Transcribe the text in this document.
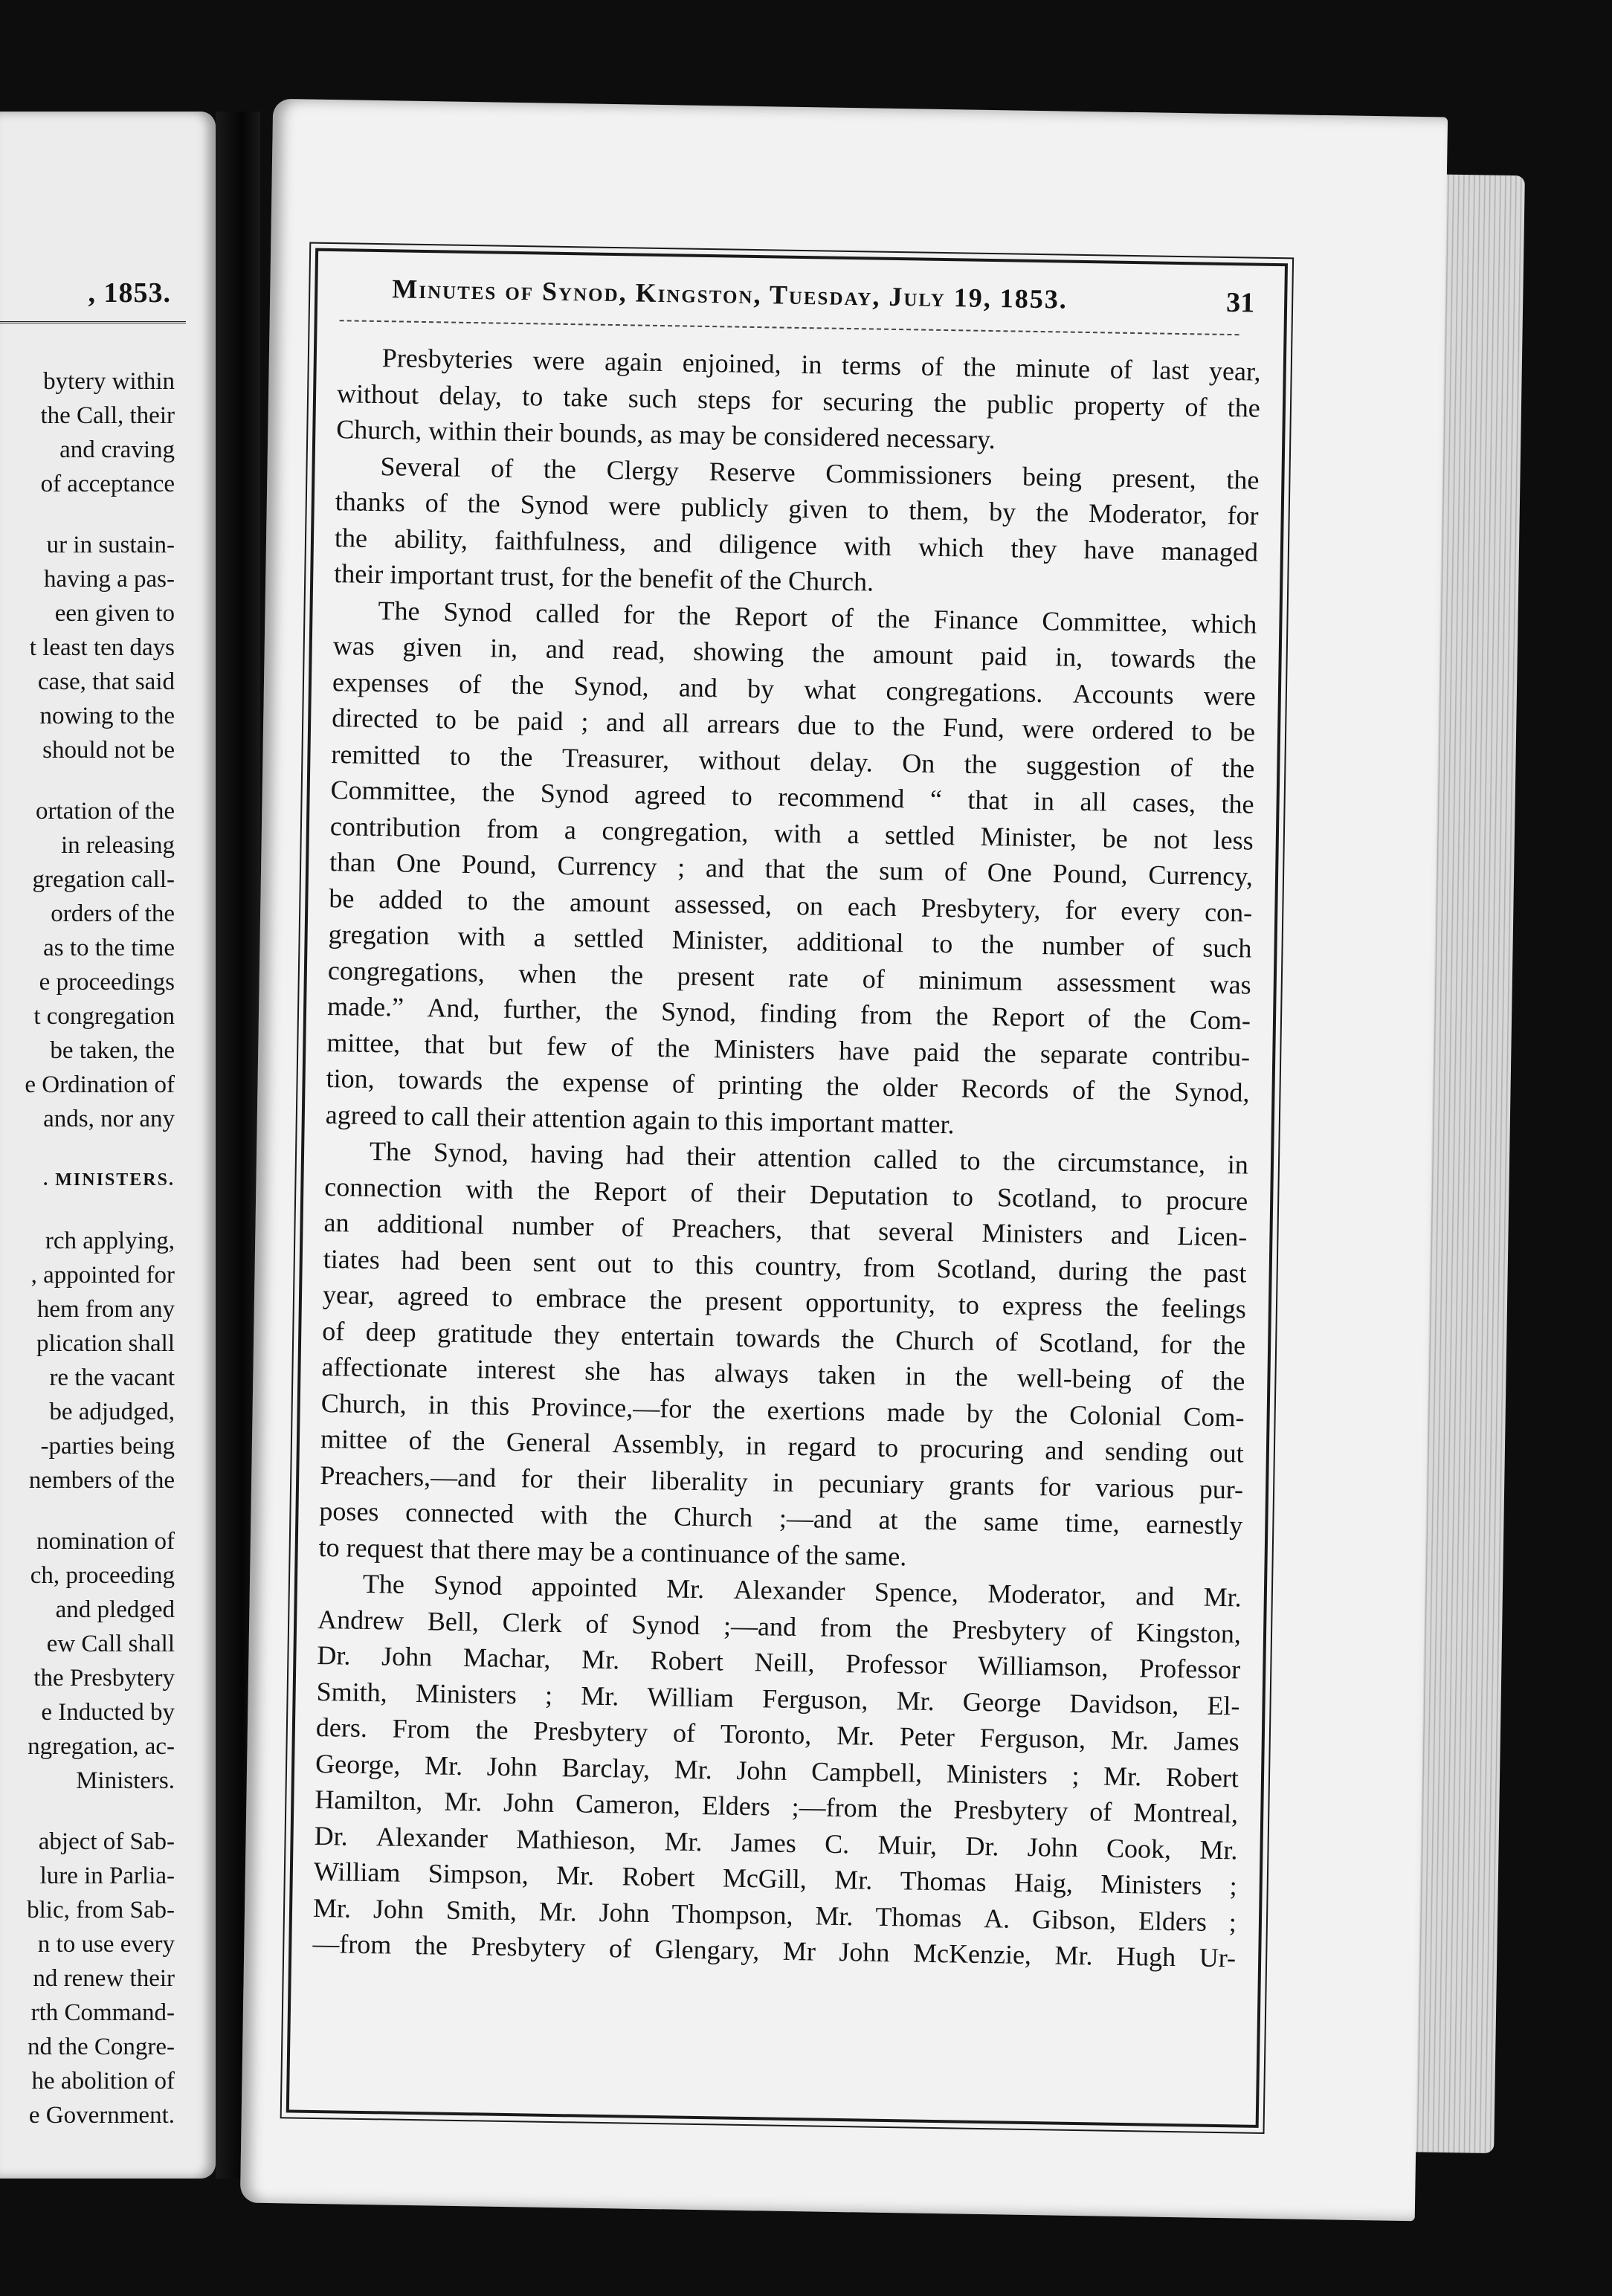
, 1853.
bytery within
the Call, their
and craving
of acceptance
ur in sustain-
having a pas-
een given to
t least ten days
case, that said
nowing to the
should not be
ortation of the
in releasing
gregation call-
orders of the
as to the time
e proceedings
t congregation
be taken, the
e Ordination of
ands, nor any
. MINISTERS.
rch applying,
, appointed for
hem from any
plication shall
re the vacant
be adjudged,
-parties being
nembers of the
nomination of
ch, proceeding
and pledged
ew Call shall
the Presbytery
e Inducted by
ngregation, ac-
Ministers.
abject of Sab-
lure in Parlia-
blic, from Sab-
n to use every
nd renew their
rth Command-
nd the Congre-
he abolition of
e Government.
Minutes of Synod, Kingston, Tuesday, July 19, 1853.	31
Presbyteries were again enjoined, in terms of the minute of last year,
without delay, to take such steps for securing the public property of the
Church, within their bounds, as may be considered necessary.
Several of the Clergy Reserve Commissioners being present, the
thanks of the Synod were publicly given to them, by the Moderator, for
the ability, faithfulness, and diligence with which they have managed
their important trust, for the benefit of the Church.
The Synod called for the Report of the Finance Committee, which
was given in, and read, showing the amount paid in, towards the
expenses of the Synod, and by what congregations. Accounts were
directed to be paid ; and all arrears due to the Fund, were ordered to be
remitted to the Treasurer, without delay. On the suggestion of the
Committee, the Synod agreed to recommend “ that in all cases, the
contribution from a congregation, with a settled Minister, be not less
than One Pound, Currency ; and that the sum of One Pound, Currency,
be added to the amount assessed, on each Presbytery, for every con-
gregation with a settled Minister, additional to the number of such
congregations, when the present rate of minimum assessment was
made.” And, further, the Synod, finding from the Report of the Com-
mittee, that but few of the Ministers have paid the separate contribu-
tion, towards the expense of printing the older Records of the Synod,
agreed to call their attention again to this important matter.
The Synod, having had their attention called to the circumstance, in
connection with the Report of their Deputation to Scotland, to procure
an additional number of Preachers, that several Ministers and Licen-
tiates had been sent out to this country, from Scotland, during the past
year, agreed to embrace the present opportunity, to express the feelings
of deep gratitude they entertain towards the Church of Scotland, for the
affectionate interest she has always taken in the well-being of the
Church, in this Province,—for the exertions made by the Colonial Com-
mittee of the General Assembly, in regard to procuring and sending out
Preachers,—and for their liberality in pecuniary grants for various pur-
poses connected with the Church ;—and at the same time, earnestly
to request that there may be a continuance of the same.
The Synod appointed Mr. Alexander Spence, Moderator, and Mr.
Andrew Bell, Clerk of Synod ;—and from the Presbytery of Kingston,
Dr. John Machar, Mr. Robert Neill, Professor Williamson, Professor
Smith, Ministers ; Mr. William Ferguson, Mr. George Davidson, El-
ders. From the Presbytery of Toronto, Mr. Peter Ferguson, Mr. James
George, Mr. John Barclay, Mr. John Campbell, Ministers ; Mr. Robert
Hamilton, Mr. John Cameron, Elders ;—from the Presbytery of Montreal,
Dr. Alexander Mathieson, Mr. James C. Muir, Dr. John Cook, Mr.
William Simpson, Mr. Robert McGill, Mr. Thomas Haig, Ministers ;
Mr. John Smith, Mr. John Thompson, Mr. Thomas A. Gibson, Elders ;
—from the Presbytery of Glengary, Mr John McKenzie, Mr. Hugh Ur-
